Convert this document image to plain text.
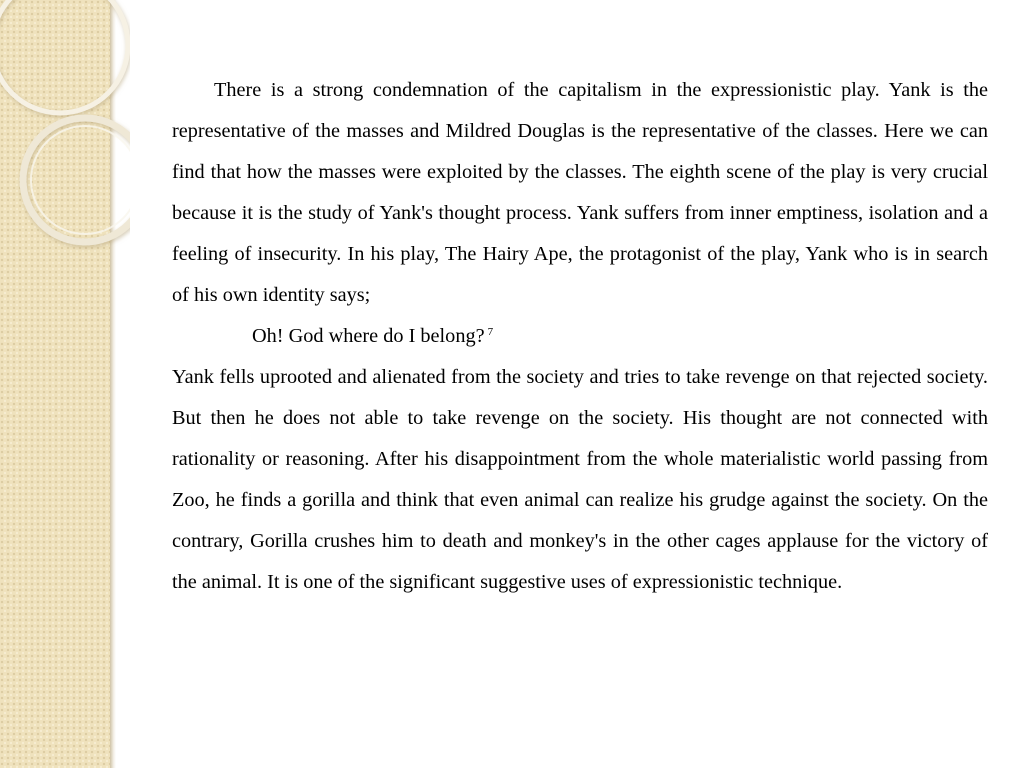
There is a strong condemnation of the capitalism in the expressionistic play. Yank is the representative of the masses and Mildred Douglas is the representative of the classes. Here we can find that how the masses were exploited by the classes. The eighth scene of the play is very crucial because it is the study of Yank's thought process. Yank suffers from inner emptiness, isolation and a feeling of insecurity. In his play, The Hairy Ape, the protagonist of the play, Yank who is in search of his own identity says;

Oh! God where do I belong? $^7$

Yank fells uprooted and alienated from the society and tries to take revenge on that rejected society. But then he does not able to take revenge on the society. His thought are not connected with rationality or reasoning. After his disappointment from the whole materialistic world passing from Zoo, he finds a gorilla and think that even animal can realize his grudge against the society. On the contrary, Gorilla crushes him to death and monkey's in the other cages applause for the victory of the animal. It is one of the significant suggestive uses of expressionistic technique.
